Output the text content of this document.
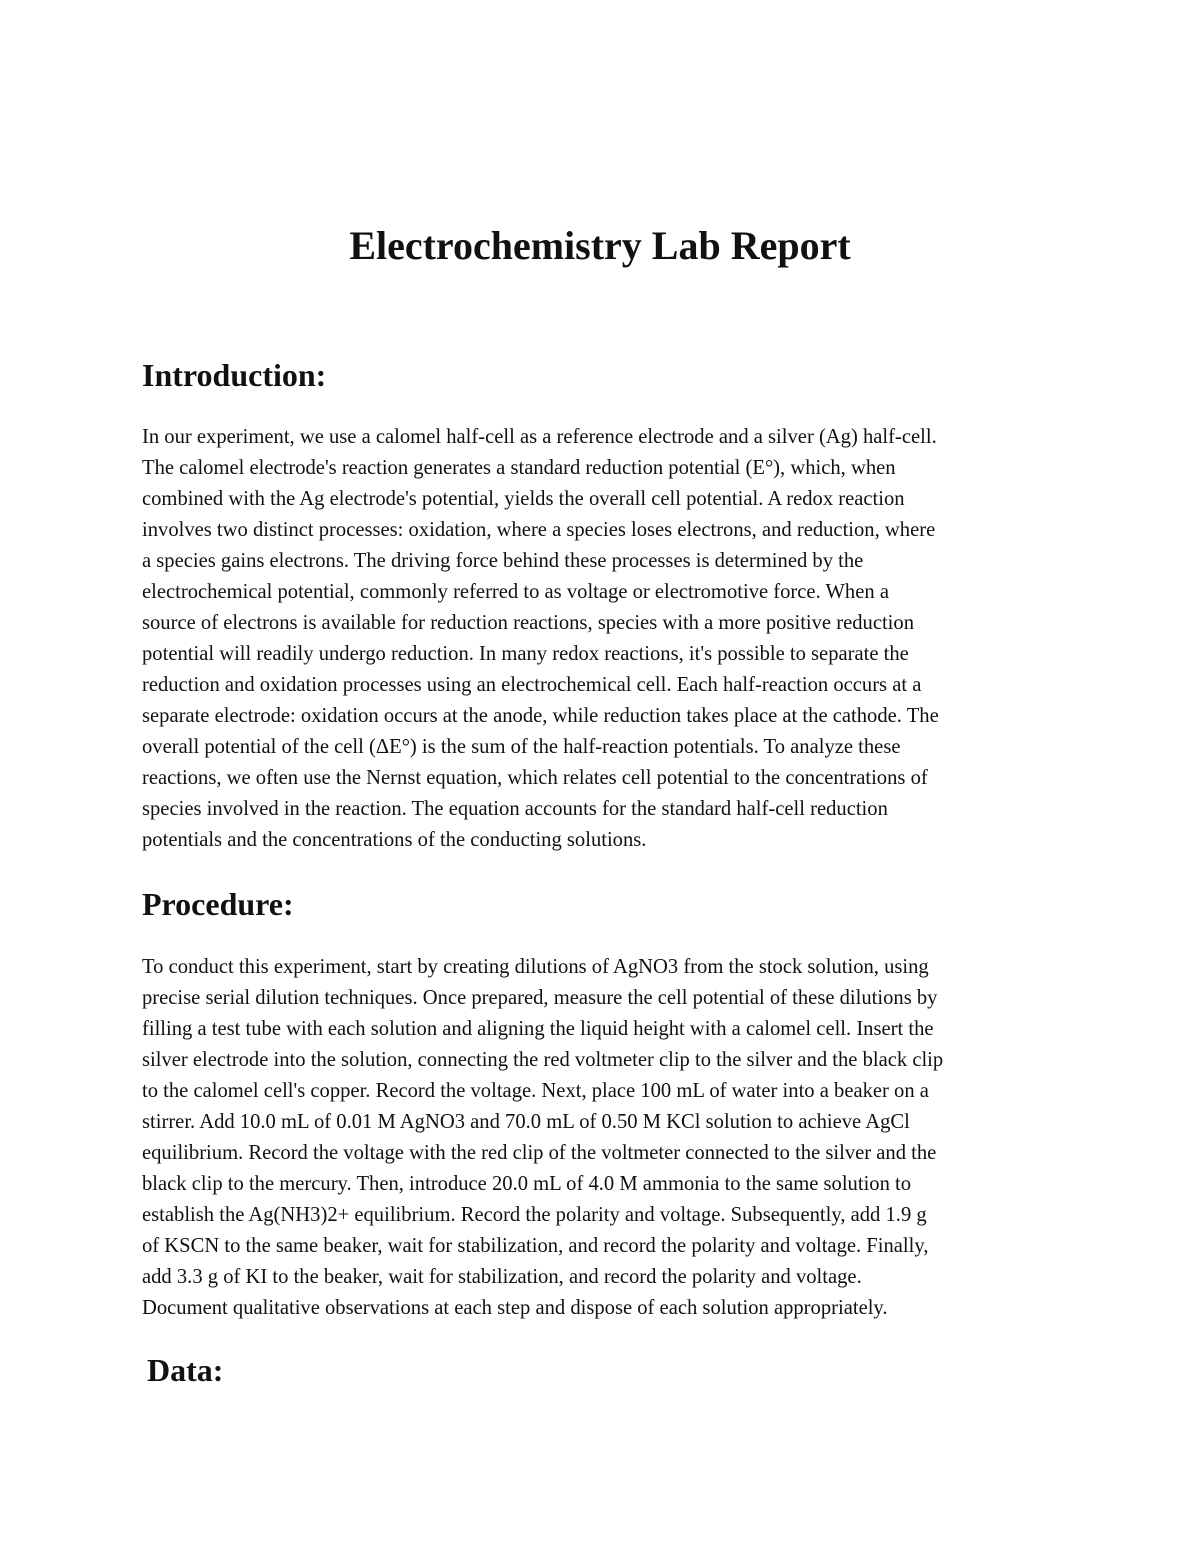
Electrochemistry Lab Report
Introduction:

In our experiment, we use a calomel half-cell as a reference electrode and a silver (Ag) half-cell.
The calomel electrode's reaction generates a standard reduction potential (E°), which, when
combined with the Ag electrode's potential, yields the overall cell potential. A redox reaction
involves two distinct processes: oxidation, where a species loses electrons, and reduction, where
a species gains electrons. The driving force behind these processes is determined by the
electrochemical potential, commonly referred to as voltage or electromotive force. When a
source of electrons is available for reduction reactions, species with a more positive reduction
potential will readily undergo reduction. In many redox reactions, it's possible to separate the
reduction and oxidation processes using an electrochemical cell. Each half-reaction occurs at a
separate electrode: oxidation occurs at the anode, while reduction takes place at the cathode. The
overall potential of the cell (ΔE°) is the sum of the half-reaction potentials. To analyze these
reactions, we often use the Nernst equation, which relates cell potential to the concentrations of
species involved in the reaction. The equation accounts for the standard half-cell reduction
potentials and the concentrations of the conducting solutions.

Procedure:

To conduct this experiment, start by creating dilutions of AgNO3 from the stock solution, using
precise serial dilution techniques. Once prepared, measure the cell potential of these dilutions by
filling a test tube with each solution and aligning the liquid height with a calomel cell. Insert the
silver electrode into the solution, connecting the red voltmeter clip to the silver and the black clip
to the calomel cell's copper. Record the voltage. Next, place 100 mL of water into a beaker on a
stirrer. Add 10.0 mL of 0.01 M AgNO3 and 70.0 mL of 0.50 M KCl solution to achieve AgCl
equilibrium. Record the voltage with the red clip of the voltmeter connected to the silver and the
black clip to the mercury. Then, introduce 20.0 mL of 4.0 M ammonia to the same solution to
establish the Ag(NH3)2+ equilibrium. Record the polarity and voltage. Subsequently, add 1.9 g
of KSCN to the same beaker, wait for stabilization, and record the polarity and voltage. Finally,
add 3.3 g of KI to the beaker, wait for stabilization, and record the polarity and voltage.
Document qualitative observations at each step and dispose of each solution appropriately.

Data:
